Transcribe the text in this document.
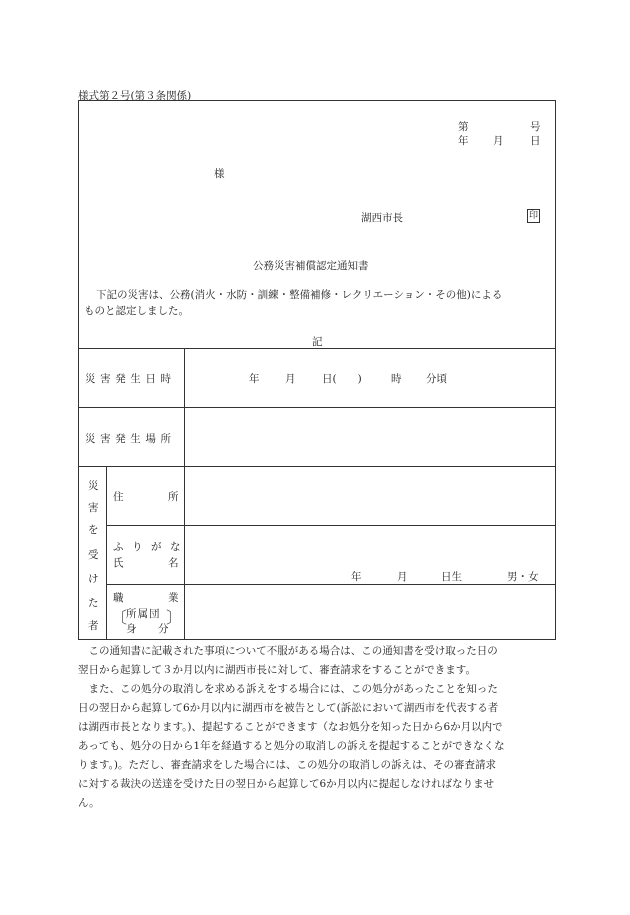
様式第２号(第３条関係)
第	号
年 月	日
様
湖西市長	印
公務災害補償認定通知書
下記の災害は、公務(消火・水防・訓練・整備補修・レクリエーション・その他)による
ものと認定しました。
記
災害発生日時	年 月	日(　　)	時 分頃
災害発生場所
災
害
を
受
け
た
者
住	所
ふりがな
氏	名
年	月	日生	男・女
職	業
〔 〕
所属団
身 分

この通知書に記載された事項について不服がある場合は、この通知書を受け取った日の

翌日から起算して３か月以内に湖西市長に対して、審査請求をすることができます。

また、この処分の取消しを求める訴えをする場合には、この処分があったことを知った

日の翌日から起算して6か月以内に湖西市を被告として(訴訟において湖西市を代表する者

は湖西市長となります。)、提起することができます（なお処分を知った日から6か月以内で

あっても、処分の日から1年を経過すると処分の取消しの訴えを提起することができなくな

ります。)。ただし、審査請求をした場合には、この処分の取消しの訴えは、その審査請求

に対する裁決の送達を受けた日の翌日から起算して6か月以内に提起しなければなりませ

ん。
